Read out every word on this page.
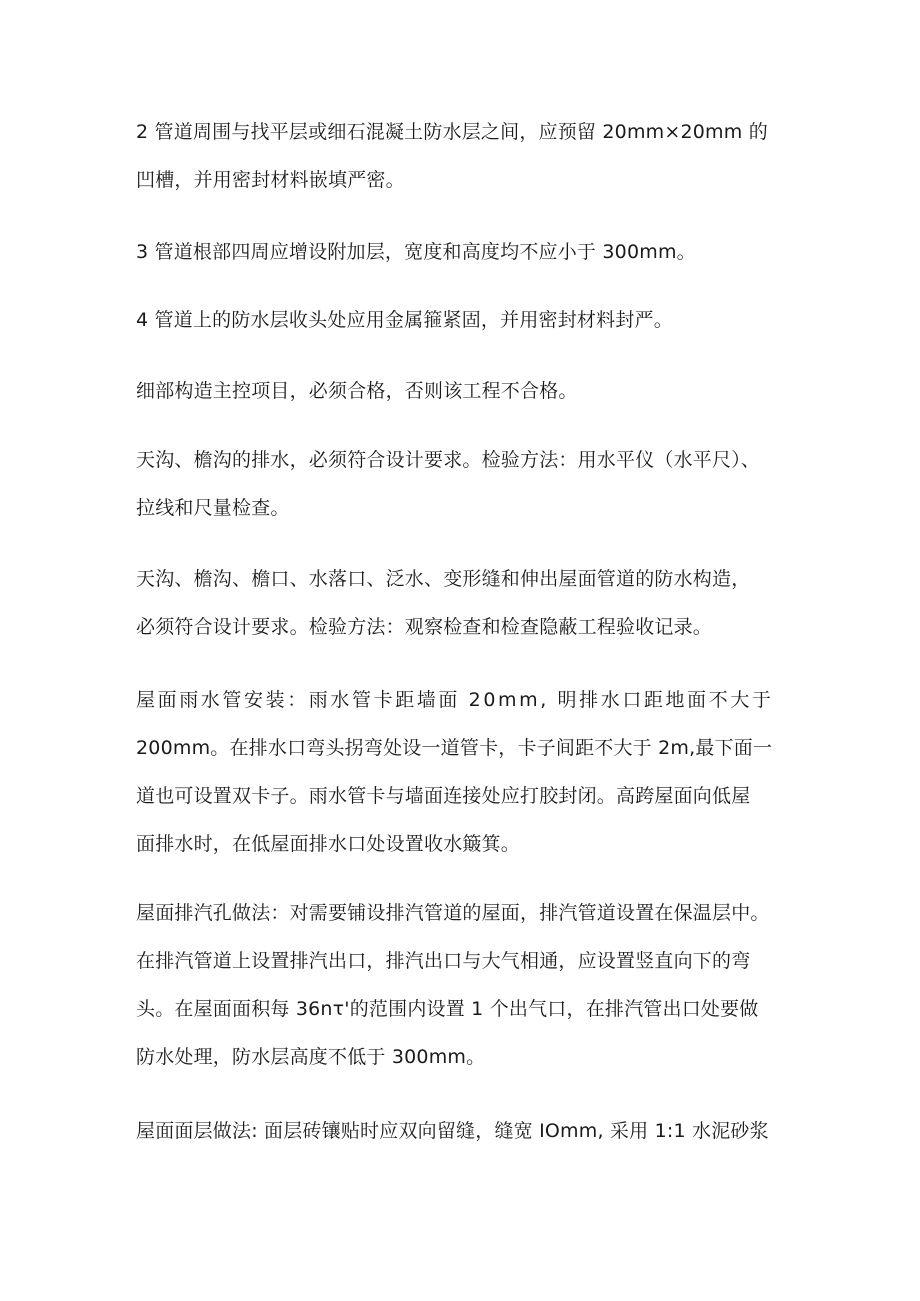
2 管道周围与找平层或细石混凝土防水层之间，应预留 20mm×20mm 的
凹槽，并用密封材料嵌填严密。

3 管道根部四周应增设附加层，宽度和高度均不应小于 300mm。

4 管道上的防水层收头处应用金属箍紧固，并用密封材料封严。

细部构造主控项目，必须合格，否则该工程不合格。

天沟、檐沟的排水，必须符合设计要求。检验方法：用水平仪（水平尺）、
拉线和尺量检查。

天沟、檐沟、檐口、水落口、泛水、变形缝和伸出屋面管道的防水构造，
必须符合设计要求。检验方法：观察检查和检查隐蔽工程验收记录。

屋面雨水管安装：雨水管卡距墙面 20mm, 明排水口距地面不大于
200mm。在排水口弯头拐弯处设一道管卡，卡子间距不大于 2m,最下面一
道也可设置双卡子。雨水管卡与墙面连接处应打胶封闭。高跨屋面向低屋
面排水时，在低屋面排水口处设置收水簸箕。

屋面排汽孔做法：对需要铺设排汽管道的屋面，排汽管道设置在保温层中。
在排汽管道上设置排汽出口，排汽出口与大气相通，应设置竖直向下的弯
头。在屋面面积每 36nτ'的范围内设置 1 个出气口，在排汽管出口处要做
防水处理，防水层高度不低于 300mm。

屋面面层做法: 面层砖镶贴时应双向留缝，缝宽 IOmm, 采用 1:1 水泥砂浆
